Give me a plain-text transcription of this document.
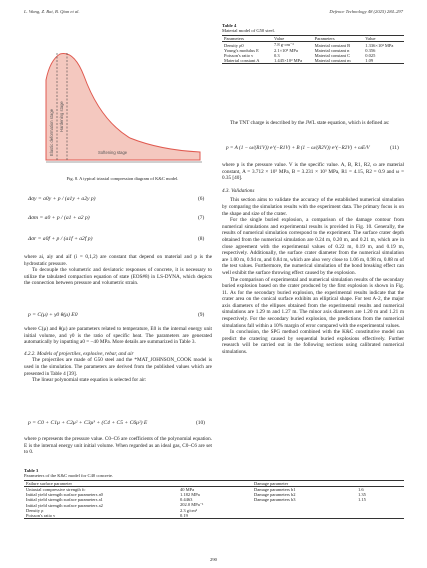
L. Wang, Z. Bai, B. Qian et al.	Defence Technology 48 (2025) 284–297
Elastic deformation stage Hardening stage
Softening stage
Fig. 8. A typical triaxial compression diagram of K&C model.
Δσy = a0y + p / (a1y + a2y p)	(6)
Δσm = a0 + p / (a1 + a2 p)	(7)
Δσr = a0f + p / (a1f + a2f p)	(8)

where ai, aiy and aif (i = 0,1,2) are constant that depend on material and p is the hydrostatic pressure.

To decouple the volumetric and deviatoric responses of concrete, it is necessary to utilize the tabulated compaction equation of state (EOS#8) in LS-DYNA, which depicts the connection between pressure and volumetric strain.

p = C(μ) + γ0 θ(μ) E0	(9)

where C(μ) and θ(μ) are parameters related to temperature, E0 is the internal energy unit initial volume, and γ0 is the ratio of specific heat. The parameters are generated automatically by inputting a0 = −40 MPa. More details are summarized in Table 3.

4.2.2. Models of projectiles, explosive, rebar, and air

The projectiles are made of G50 steel and the *MAT_JOHNSON_COOK model is used in the simulation. The parameters are derived from the published values which are presented in Table 4 [39].

The linear polynomial state equation is selected for air:

p = C0 + C1μ + C2μ² + C3μ³ + (C4 + C5 + C6μ²) E	(10)

where p represents the pressure value. C0–C6 are coefficients of the polynomial equation. E is the internal energy unit initial volume. When regarded as an ideal gas, C0–C6 are set to 0.

Table 4
Material model of G50 steel.
Parameters	Value	Parameters	Value
Density ρ0	7.8 g·cm⁻³	Material constant B	1.336×10³ MPa
Young's modulus E	2.1×10⁵ MPa	Material constant n	0.356
Poisson's ratio ν	0.3	Material constant C	0.025
Material constant A	1.445×10³ MPa	Material constant m	1.09

The TNT charge is described by the JWL state equation, which is defined as:

p = A (1 − ω/(R1V)) e^(−R1V) + B (1 − ω/(R2V)) e^(−R2V) + ωE/V	(11)

where p is the pressure value. V is the specific value. A, B, R1, R2, ω are material constant, A = 3.712 × 10⁵ MPa, B = 3.231 × 10³ MPa, R1 = 4.15, R2 = 0.9 and ω = 0.35 [40].

4.3. Validations

This section aims to validate the accuracy of the established numerical simulation by comparing the simulation results with the experiment data. The primary focus is on the shape and size of the crater.

For the single buried explosion, a comparison of the damage contour from numerical simulations and experimental results is provided in Fig. 10. Generally, the results of numerical simulation correspond to the experiment. The surface crater depth obtained from the numerical simulation are 0.24 m, 0.20 m, and 0.21 m, which are in close agreement with the experimental values of 0.22 m, 0.19 m, and 0.19 m, respectively. Additionally, the surface crater diameter from the numerical simulation are 1.00 m, 0.94 m, and 0.84 m, which are also very close to 1.06 m, 0.98 m, 0.88 m of the test values. Furthermore, the numerical simulation of the bond breaking effect can well exhibit the surface throwing effect caused by the explosion.

The comparison of experimental and numerical simulation results of the secondary buried explosion based on the crater produced by the first explosion is shown in Fig. 11. As for the secondary buried explosion, the experimental results indicate that the crater area on the conical surface exhibits an elliptical shape. For test A-2, the major axis diameters of the ellipses obtained from the experimental results and numerical simulations are 1.29 m and 1.27 m. The minor axis diameters are 1.20 m and 1.21 m respectively. For the secondary buried explosion, the predictions from the numerical simulations fall within a 10% margin of error compared with the experimental values.

In conclusion, the SPG method combined with the K&C constitutive model can predict the cratering caused by sequential buried explosions effectively. Further research will be carried out in the following sections using calibrated numerical simulations.

Table 3
Parameters of the K&C model for C40 concrete.
Failure surface parameter		Damage parameter	
Uniaxial compressive strength fc	40 MPa	Damage parameters b1	1.6
Initial yield strength surface parameters a0	1.182 MPa	Damage parameters b2	1.35
Initial yield strength surface parameters a1	0.4463	Damage parameters b3	1.15
Initial yield strength surface parameters a2	202.0 MPa⁻¹		
Density ρ	2.3 g/cm³		
Poisson's ratio ν	0.19		
290
